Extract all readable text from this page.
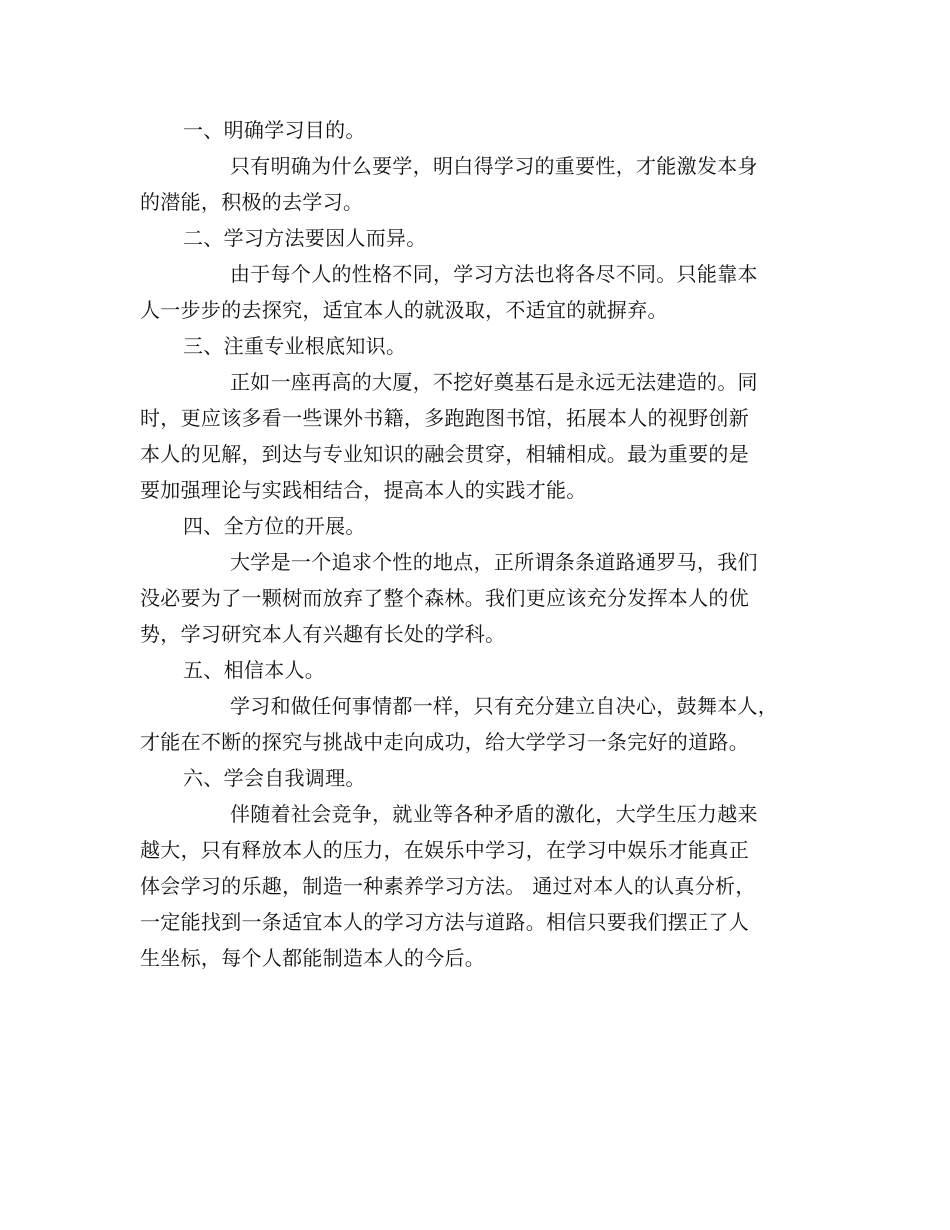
一、明确学习目的。
只有明确为什么要学，明白得学习的重要性，才能激发本身
的潜能，积极的去学习。
二、学习方法要因人而异。
由于每个人的性格不同，学习方法也将各尽不同。只能靠本
人一步步的去探究，适宜本人的就汲取，不适宜的就摒弃。
三、注重专业根底知识。
正如一座再高的大厦，不挖好奠基石是永远无法建造的。同
时，更应该多看一些课外书籍，多跑跑图书馆，拓展本人的视野创新
本人的见解，到达与专业知识的融会贯穿，相辅相成。最为重要的是
要加强理论与实践相结合，提高本人的实践才能。
四、全方位的开展。
大学是一个追求个性的地点，正所谓条条道路通罗马，我们
没必要为了一颗树而放弃了整个森林。我们更应该充分发挥本人的优
势，学习研究本人有兴趣有长处的学科。
五、相信本人。
学习和做任何事情都一样，只有充分建立自决心，鼓舞本人，
才能在不断的探究与挑战中走向成功，给大学学习一条完好的道路。
六、学会自我调理。
伴随着社会竞争，就业等各种矛盾的激化，大学生压力越来
越大，只有释放本人的压力，在娱乐中学习，在学习中娱乐才能真正
体会学习的乐趣，制造一种素养学习方法。 通过对本人的认真分析，
一定能找到一条适宜本人的学习方法与道路。相信只要我们摆正了人
生坐标，每个人都能制造本人的今后。
